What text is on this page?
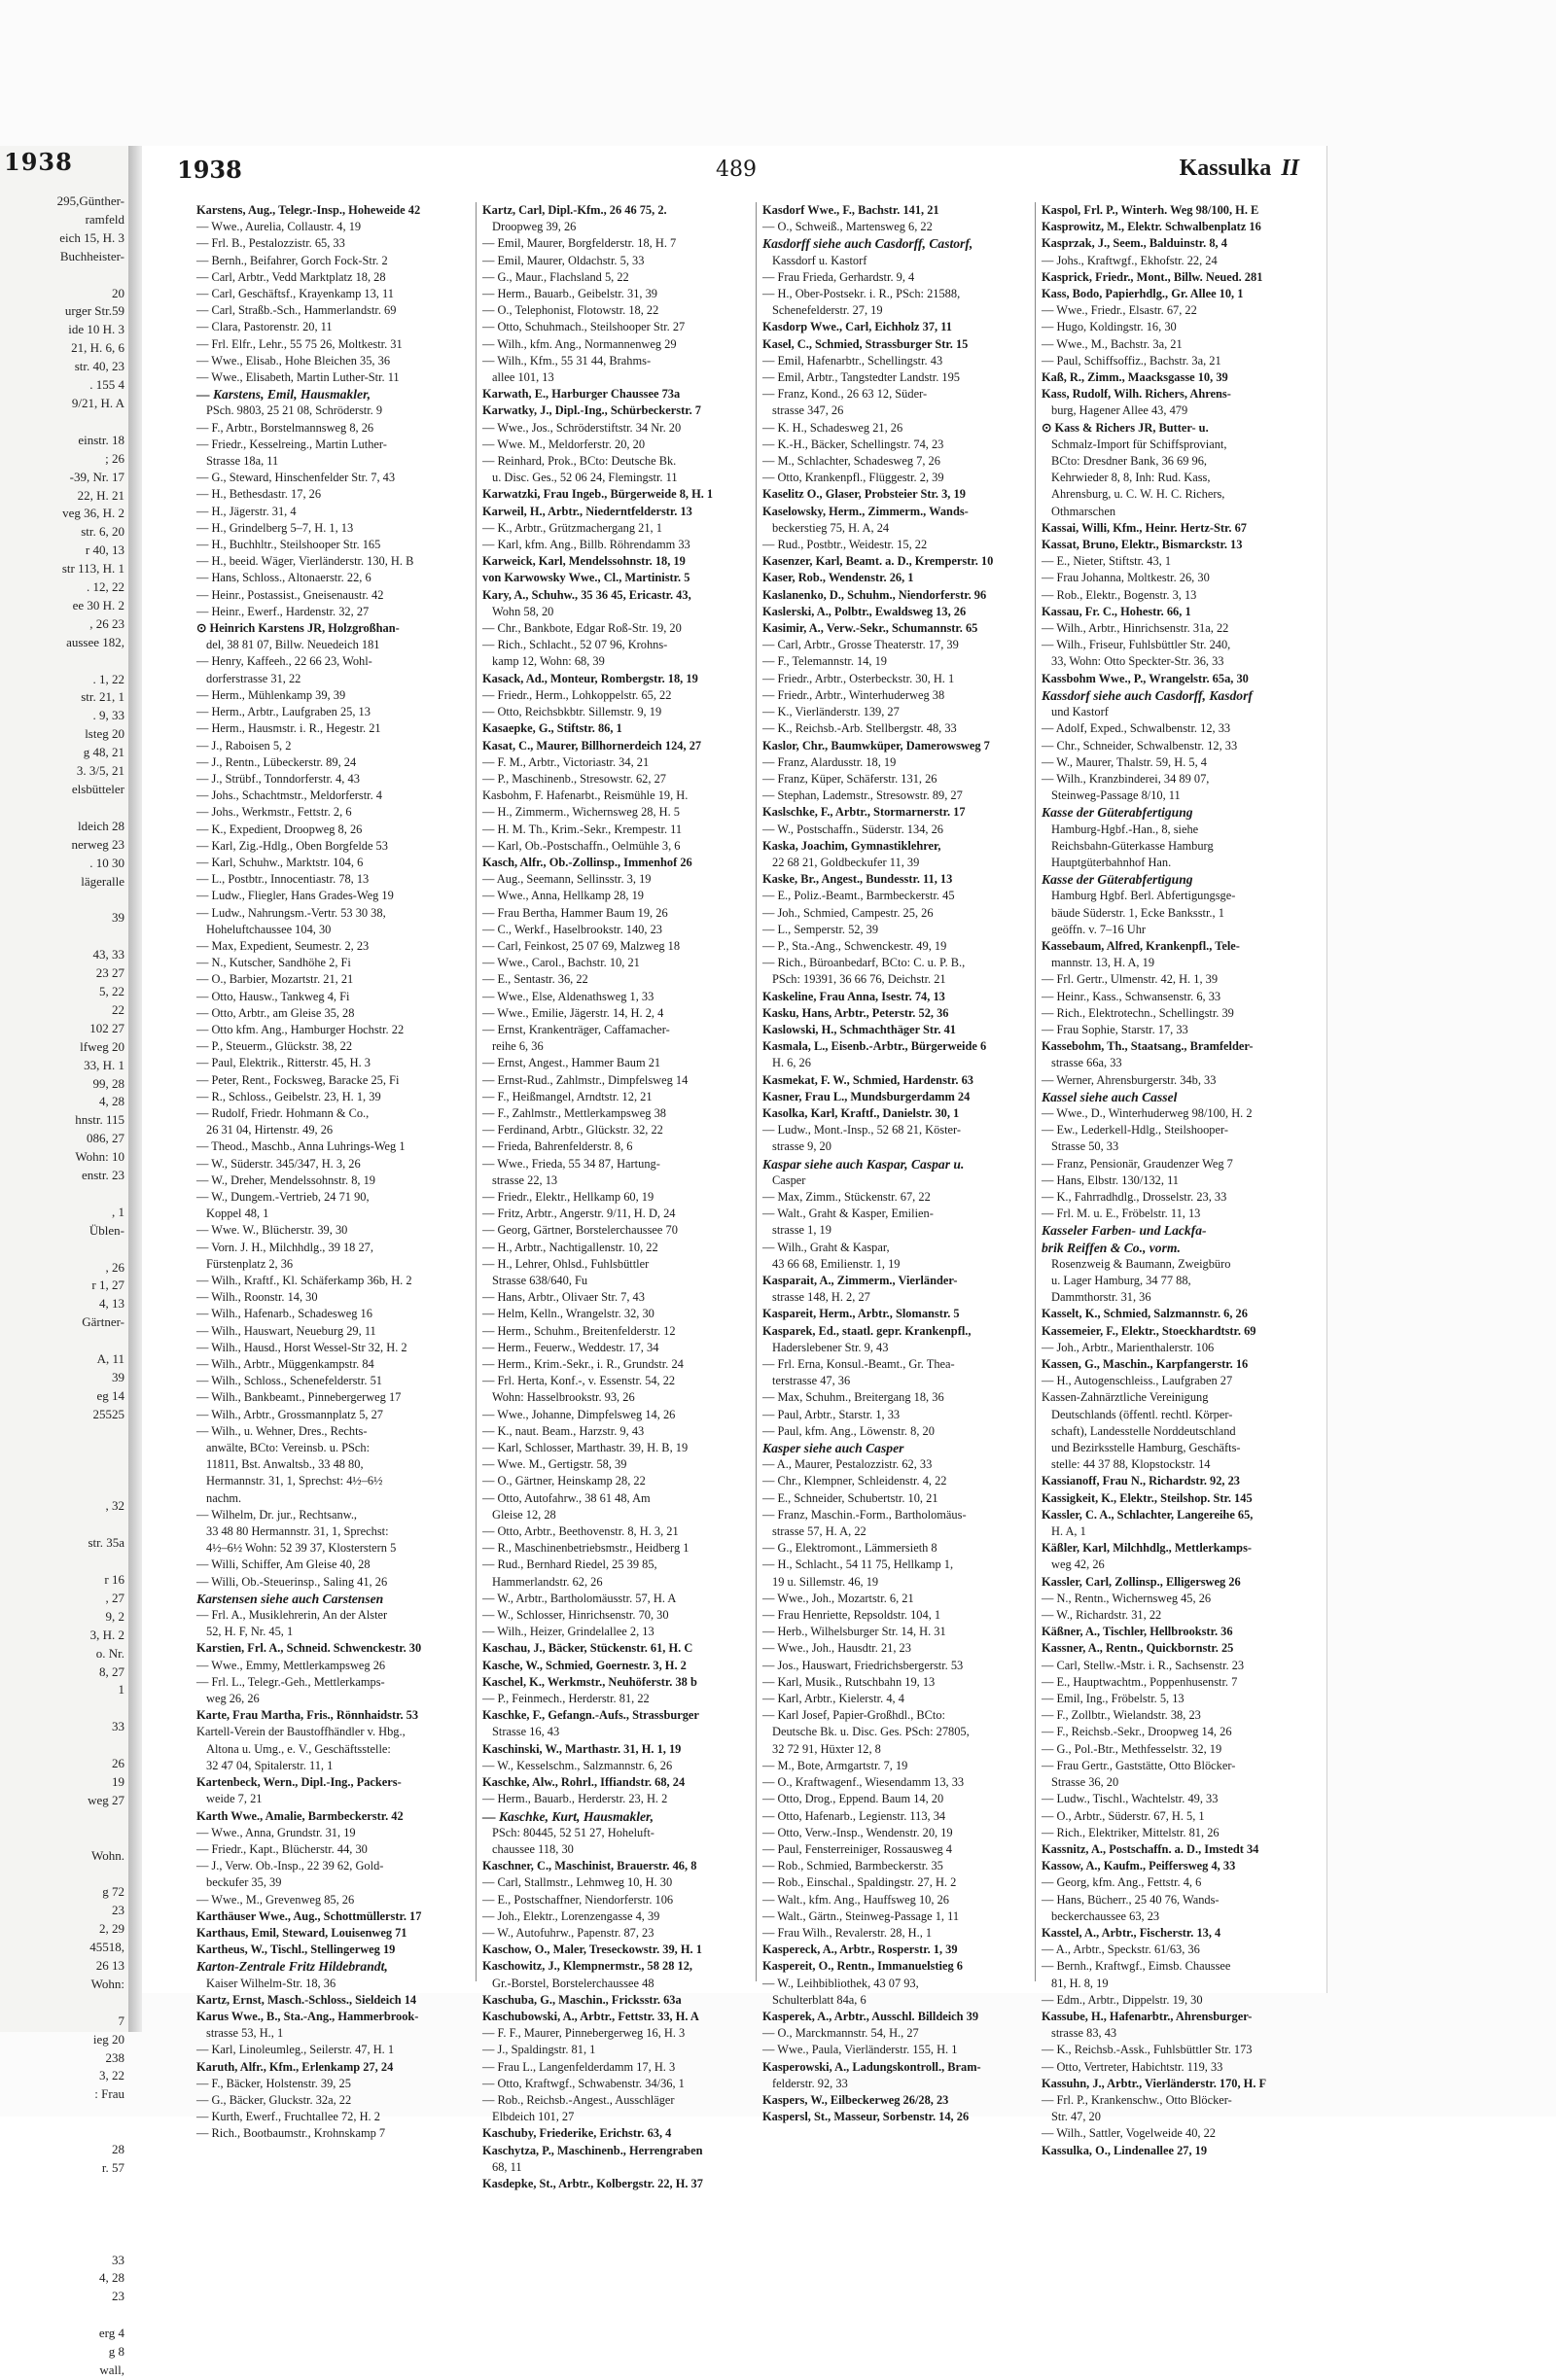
1938
295,Günther-
ramfeld
eich 15, H. 3
Buchheister-

20
urger Str.59
ide 10 H. 3
21, H. 6, 6
str. 40, 23
. 155 4
9/21, H. A

einstr. 18
; 26
-39, Nr. 17
22, H. 21
veg 36, H. 2
str. 6, 20
r 40, 13
str 113, H. 1
. 12, 22
ee 30 H. 2
, 26 23
aussee 182,

. 1, 22
str. 21, 1
. 9, 33
lsteg 20
g 48, 21
3. 3/5, 21
elsbütteler

ldeich 28
nerweg 23
. 10 30
lägeralle

39

43, 33
23 27
5, 22
22
102 27
lfweg 20
33, H. 1
99, 28
4, 28
hnstr. 115
086, 27
Wohn: 10
enstr. 23

, 1
Üblen-

, 26
r 1, 27
4, 13
Gärtner-

A, 11
39
eg 14
25525

, 32

str. 35a

r 16
, 27
9, 2
3, H. 2
o. Nr.
8, 27
1

33

26
19
weg 27

Wohn.

g 72
23
2, 29
45518,
26 13
Wohn:

7
ieg 20
238
3, 22
: Frau

28
r. 57

33
4, 28
23

erg 4
g 8
wall,
1938	489	Kassulka II
Karstens, Aug., Telegr.-Insp., Hoheweide 42
— Wwe., Aurelia, Collaustr. 4, 19
— Frl. B., Pestalozzistr. 65, 33
— Bernh., Beifahrer, Gorch Fock-Str. 2
— Carl, Arbtr., Vedd Marktplatz 18, 28
— Carl, Geschäftsf., Krayenkamp 13, 11
— Carl, Straßb.-Sch., Hammerlandstr. 69
— Clara, Pastorenstr. 20, 11
— Frl. Elfr., Lehr., 55 75 26, Moltkestr. 31
— Wwe., Elisab., Hohe Bleichen 35, 36
— Wwe., Elisabeth, Martin Luther-Str. 11
— Karstens, Emil, Hausmakler,
PSch. 9803, 25 21 08, Schröderstr. 9
— F., Arbtr., Borstelmannsweg 8, 26
— Friedr., Kesselreing., Martin Luther-
Strasse 18a, 11
— G., Steward, Hinschenfelder Str. 7, 43
— H., Bethesdastr. 17, 26
— H., Jägerstr. 31, 4
— H., Grindelberg 5–7, H. 1, 13
— H., Buchhltr., Steilshooper Str. 165
— H., beeid. Wäger, Vierländerstr. 130, H. B
— Hans, Schloss., Altonaerstr. 22, 6
— Heinr., Postassist., Gneisenaustr. 42
— Heinr., Ewerf., Hardenstr. 32, 27
⊙ Heinrich Karstens JR, Holzgroßhan-
del, 38 81 07, Billw. Neuedeich 181
— Henry, Kaffeeh., 22 66 23, Wohl-
dorferstrasse 31, 22
— Herm., Mühlenkamp 39, 39
— Herm., Arbtr., Laufgraben 25, 13
— Herm., Hausmstr. i. R., Hegestr. 21
— J., Raboisen 5, 2
— J., Rentn., Lübeckerstr. 89, 24
— J., Strübf., Tonndorferstr. 4, 43
— Johs., Schachtmstr., Meldorferstr. 4
— Johs., Werkmstr., Fettstr. 2, 6
— K., Expedient, Droopweg 8, 26
— Karl, Zig.-Hdlg., Oben Borgfelde 53
— Karl, Schuhw., Marktstr. 104, 6
— L., Postbtr., Innocentiastr. 78, 13
— Ludw., Fliegler, Hans Grades-Weg 19
— Ludw., Nahrungsm.-Vertr. 53 30 38,
Hoheluftchaussee 104, 30
— Max, Expedient, Seumestr. 2, 23
— N., Kutscher, Sandhöhe 2, Fi
— O., Barbier, Mozartstr. 21, 21
— Otto, Hausw., Tankweg 4, Fi
— Otto, Arbtr., am Gleise 35, 28
— Otto kfm. Ang., Hamburger Hochstr. 22
— P., Steuerm., Glückstr. 38, 22
— Paul, Elektrik., Ritterstr. 45, H. 3
— Peter, Rent., Focksweg, Baracke 25, Fi
— R., Schloss., Geibelstr. 23, H. 1, 39
— Rudolf, Friedr. Hohmann & Co.,
26 31 04, Hirtenstr. 49, 26
— Theod., Maschb., Anna Luhrings-Weg 1
— W., Süderstr. 345/347, H. 3, 26
— W., Dreher, Mendelssohnstr. 8, 19
— W., Dungem.-Vertrieb, 24 71 90,
Koppel 48, 1
— Wwe. W., Blücherstr. 39, 30
— Vorn. J. H., Milchhdlg., 39 18 27,
Fürstenplatz 2, 36
— Wilh., Kraftf., Kl. Schäferkamp 36b, H. 2
— Wilh., Roonstr. 14, 30
— Wilh., Hafenarb., Schadesweg 16
— Wilh., Hauswart, Neueburg 29, 11
— Wilh., Hausd., Horst Wessel-Str 32, H. 2
— Wilh., Arbtr., Müggenkampstr. 84
— Wilh., Schloss., Schenefelderstr. 51
— Wilh., Bankbeamt., Pinnebergerweg 17
— Wilh., Arbtr., Grossmannplatz 5, 27
— Wilh., u. Wehner, Dres., Rechts-
anwälte, BCto: Vereinsb. u. PSch:
11811, Bst. Anwaltsb., 33 48 80,
Hermannstr. 31, 1, Sprechst: 4½–6½
nachm.
— Wilhelm, Dr. jur., Rechtsanw.,
33 48 80 Hermannstr. 31, 1, Sprechst:
4½–6½ Wohn: 52 39 37, Klosterstern 5
— Willi, Schiffer, Am Gleise 40, 28
— Willi, Ob.-Steuerinsp., Saling 41, 26
Karstensen siehe auch Carstensen
— Frl. A., Musiklehrerin, An der Alster
52, H. F, Nr. 45, 1
Karstien, Frl. A., Schneid. Schwenckestr. 30
— Wwe., Emmy, Mettlerkampsweg 26
— Frl. L., Telegr.-Geh., Mettlerkamps-
weg 26, 26
Karte, Frau Martha, Fris., Rönnhaidstr. 53
Kartell-Verein der Baustoffhändler v. Hbg.,
Altona u. Umg., e. V., Geschäftsstelle:
32 47 04, Spitalerstr. 11, 1
Kartenbeck, Wern., Dipl.-Ing., Packers-
weide 7, 21
Karth Wwe., Amalie, Barmbeckerstr. 42
— Wwe., Anna, Grundstr. 31, 19
— Friedr., Kapt., Blücherstr. 44, 30
— J., Verw. Ob.-Insp., 22 39 62, Gold-
beckufer 35, 39
— Wwe., M., Grevenweg 85, 26
Karthäuser Wwe., Aug., Schottmüllerstr. 17
Karthaus, Emil, Steward, Louisenweg 71
Kartheus, W., Tischl., Stellingerweg 19
Karton-Zentrale Fritz Hildebrandt,
Kaiser Wilhelm-Str. 18, 36
Kartz, Ernst, Masch.-Schloss., Sieldeich 14
Karus Wwe., B., Sta.-Ang., Hammerbrook-
strasse 53, H., 1
— Karl, Linoleumleg., Seilerstr. 47, H. 1
Karuth, Alfr., Kfm., Erlenkamp 27, 24
— F., Bäcker, Holstenstr. 39, 25
— G., Bäcker, Gluckstr. 32a, 22
— Kurth, Ewerf., Fruchtallee 72, H. 2
— Rich., Bootbaumstr., Krohnskamp 7
Kartz, Carl, Dipl.-Kfm., 26 46 75, 2.
Droopweg 39, 26
— Emil, Maurer, Borgfelderstr. 18, H. 7
— Emil, Maurer, Oldachstr. 5, 33
— G., Maur., Flachsland 5, 22
— Herm., Bauarb., Geibelstr. 31, 39
— O., Telephonist, Flotowstr. 18, 22
— Otto, Schuhmach., Steilshooper Str. 27
— Wilh., kfm. Ang., Normannenweg 29
— Wilh., Kfm., 55 31 44, Brahms-
allee 101, 13
Karwath, E., Harburger Chaussee 73a
Karwatky, J., Dipl.-Ing., Schürbeckerstr. 7
— Wwe., Jos., Schröderstiftstr. 34 Nr. 20
— Wwe. M., Meldorferstr. 20, 20
— Reinhard, Prok., BCto: Deutsche Bk.
u. Disc. Ges., 52 06 24, Flemingstr. 11
Karwatzki, Frau Ingeb., Bürgerweide 8, H. 1
Karweil, H., Arbtr., Niederntfelderstr. 13
— K., Arbtr., Grützmachergang 21, 1
— Karl, kfm. Ang., Billb. Röhrendamm 33
Karweick, Karl, Mendelssohnstr. 18, 19
von Karwowsky Wwe., Cl., Martinistr. 5
Kary, A., Schuhw., 35 36 45, Ericastr. 43,
Wohn 58, 20
— Chr., Bankbote, Edgar Roß-Str. 19, 20
— Rich., Schlacht., 52 07 96, Krohns-
kamp 12, Wohn: 68, 39
Kasack, Ad., Monteur, Rombergstr. 18, 19
— Friedr., Herm., Lohkoppelstr. 65, 22
— Otto, Reichsbkbtr. Sillemstr. 9, 19
Kasaepke, G., Stiftstr. 86, 1
Kasat, C., Maurer, Billhornerdeich 124, 27
— F. M., Arbtr., Victoriastr. 34, 21
— P., Maschinenb., Stresowstr. 62, 27
Kasbohm, F. Hafenarbt., Reismühle 19, H.
— H., Zimmerm., Wichernsweg 28, H. 5
— H. M. Th., Krim.-Sekr., Krempestr. 11
— Karl, Ob.-Postschaffn., Oelmühle 3, 6
Kasch, Alfr., Ob.-Zollinsp., Immenhof 26
— Aug., Seemann, Sellinsstr. 3, 19
— Wwe., Anna, Hellkamp 28, 19
— Frau Bertha, Hammer Baum 19, 26
— C., Werkf., Haselbrookstr. 140, 23
— Carl, Feinkost, 25 07 69, Malzweg 18
— Wwe., Carol., Bachstr. 10, 21
— E., Sentastr. 36, 22
— Wwe., Else, Aldenathsweg 1, 33
— Wwe., Emilie, Jägerstr. 14, H. 2, 4
— Ernst, Krankenträger, Caffamacher-
reihe 6, 36
— Ernst, Angest., Hammer Baum 21
— Ernst-Rud., Zahlmstr., Dimpfelsweg 14
— F., Heißmangel, Arndtstr. 12, 21
— F., Zahlmstr., Mettlerkampsweg 38
— Ferdinand, Arbtr., Glückstr. 32, 22
— Frieda, Bahrenfelderstr. 8, 6
— Wwe., Frieda, 55 34 87, Hartung-
strasse 22, 13
— Friedr., Elektr., Hellkamp 60, 19
— Fritz, Arbtr., Angerstr. 9/11, H. D, 24
— Georg, Gärtner, Borstelerchaussee 70
— H., Arbtr., Nachtigallenstr. 10, 22
— H., Lehrer, Ohlsd., Fuhlsbüttler
Strasse 638/640, Fu
— Hans, Arbtr., Olivaer Str. 7, 43
— Helm, Kelln., Wrangelstr. 32, 30
— Herm., Schuhm., Breitenfelderstr. 12
— Herm., Feuerw., Weddestr. 17, 34
— Herm., Krim.-Sekr., i. R., Grundstr. 24
— Frl. Herta, Konf.-, v. Essenstr. 54, 22
Wohn: Hasselbrookstr. 93, 26
— Wwe., Johanne, Dimpfelsweg 14, 26
— K., naut. Beam., Harzstr. 9, 43
— Karl, Schlosser, Marthastr. 39, H. B, 19
— Wwe. M., Gertigstr. 58, 39
— O., Gärtner, Heinskamp 28, 22
— Otto, Autofahrw., 38 61 48, Am
Gleise 12, 28
— Otto, Arbtr., Beethovenstr. 8, H. 3, 21
— R., Maschinenbetriebsmstr., Heidberg 1
— Rud., Bernhard Riedel, 25 39 85,
Hammerlandstr. 62, 26
— W., Arbtr., Bartholomäusstr. 57, H. A
— W., Schlosser, Hinrichsenstr. 70, 30
— Wilh., Heizer, Grindelallee 2, 13
Kaschau, J., Bäcker, Stückenstr. 61, H. C
Kasche, W., Schmied, Goernestr. 3, H. 2
Kaschel, K., Werkmstr., Neuhöferstr. 38 b
— P., Feinmech., Herderstr. 81, 22
Kaschke, F., Gefangn.-Aufs., Strassburger
Strasse 16, 43
Kaschinski, W., Marthastr. 31, H. 1, 19
— W., Kesselschm., Salzmannstr. 6, 26
Kaschke, Alw., Rohrl., Iffiandstr. 68, 24
— Herm., Bauarb., Herderstr. 23, H. 2
— Kaschke, Kurt, Hausmakler,
PSch: 80445, 52 51 27, Hoheluft-
chaussee 118, 30
Kaschner, C., Maschinist, Brauerstr. 46, 8
— Carl, Stallmstr., Lehmweg 10, H. 30
— E., Postschaffner, Niendorferstr. 106
— Joh., Elektr., Lorenzengasse 4, 39
— W., Autofuhrw., Papenstr. 87, 23
Kaschow, O., Maler, Treseckowstr. 39, H. 1
Kaschowitz, J., Klempnermstr., 58 28 12,
Gr.-Borstel, Borstelerchaussee 48
Kaschuba, G., Maschin., Fricksstr. 63a
Kaschubowski, A., Arbtr., Fettstr. 33, H. A
— F. F., Maurer, Pinnebergerweg 16, H. 3
— J., Spaldingstr. 81, 1
— Frau L., Langenfelderdamm 17, H. 3
— Otto, Kraftwgf., Schwabenstr. 34/36, 1
— Rob., Reichsb.-Angest., Ausschläger
Elbdeich 101, 27
Kaschuby, Friederike, Erichstr. 63, 4
Kaschytza, P., Maschinenb., Herrengraben
68, 11
Kasdepke, St., Arbtr., Kolbergstr. 22, H. 37
Kasdorf Wwe., F., Bachstr. 141, 21
— O., Schweiß., Martensweg 6, 22
Kasdorff siehe auch Casdorff, Castorf,
Kassdorf u. Kastorf
— Frau Frieda, Gerhardstr. 9, 4
— H., Ober-Postsekr. i. R., PSch: 21588,
Schenefelderstr. 27, 19
Kasdorp Wwe., Carl, Eichholz 37, 11
Kasel, C., Schmied, Strassburger Str. 15
— Emil, Hafenarbtr., Schellingstr. 43
— Emil, Arbtr., Tangstedter Landstr. 195
— Franz, Kond., 26 63 12, Süder-
strasse 347, 26
— K. H., Schadesweg 21, 26
— K.-H., Bäcker, Schellingstr. 74, 23
— M., Schlachter, Schadesweg 7, 26
— Otto, Krankenpfl., Flüggestr. 2, 39
Kaselitz O., Glaser, Probsteier Str. 3, 19
Kaselowsky, Herm., Zimmerm., Wands-
beckerstieg 75, H. A, 24
— Rud., Postbtr., Weidestr. 15, 22
Kasenzer, Karl, Beamt. a. D., Kremperstr. 10
Kaser, Rob., Wendenstr. 26, 1
Kaslanenko, D., Schuhm., Niendorferstr. 96
Kaslerski, A., Polbtr., Ewaldsweg 13, 26
Kasimir, A., Verw.-Sekr., Schumannstr. 65
— Carl, Arbtr., Grosse Theaterstr. 17, 39
— F., Telemannstr. 14, 19
— Friedr., Arbtr., Osterbeckstr. 30, H. 1
— Friedr., Arbtr., Winterhuderweg 38
— K., Vierländerstr. 139, 27
— K., Reichsb.-Arb. Stellbergstr. 48, 33
Kaslor, Chr., Baumwküper, Damerowsweg 7
— Franz, Alardusstr. 18, 19
— Franz, Küper, Schäferstr. 131, 26
— Stephan, Lademstr., Stresowstr. 89, 27
Kaslschke, F., Arbtr., Stormarnerstr. 17
— W., Postschaffn., Süderstr. 134, 26
Kaska, Joachim, Gymnastiklehrer,
22 68 21, Goldbeckufer 11, 39
Kaske, Br., Angest., Bundesstr. 11, 13
— E., Poliz.-Beamt., Barmbeckerstr. 45
— Joh., Schmied, Campestr. 25, 26
— L., Semperstr. 52, 39
— P., Sta.-Ang., Schwenckestr. 49, 19
— Rich., Büroanbedarf, BCto: C. u. P. B.,
PSch: 19391, 36 66 76, Deichstr. 21
Kaskeline, Frau Anna, Isestr. 74, 13
Kasku, Hans, Arbtr., Peterstr. 52, 36
Kaslowski, H., Schmachthäger Str. 41
Kasmala, L., Eisenb.-Arbtr., Bürgerweide 6
H. 6, 26
Kasmekat, F. W., Schmied, Hardenstr. 63
Kasner, Frau L., Mundsburgerdamm 24
Kasolka, Karl, Kraftf., Danielstr. 30, 1
— Ludw., Mont.-Insp., 52 68 21, Köster-
strasse 9, 20
Kaspar siehe auch Kaspar, Caspar u.
Casper
— Max, Zimm., Stückenstr. 67, 22
— Walt., Graht & Kasper, Emilien-
strasse 1, 19
— Wilh., Graht & Kaspar,
43 66 68, Emilienstr. 1, 19
Kasparait, A., Zimmerm., Vierländer-
strasse 148, H. 2, 27
Kaspareit, Herm., Arbtr., Slomanstr. 5
Kasparek, Ed., staatl. gepr. Krankenpfl.,
Haderslebener Str. 9, 43
— Frl. Erna, Konsul.-Beamt., Gr. Thea-
terstrasse 47, 36
— Max, Schuhm., Breitergang 18, 36
— Paul, Arbtr., Starstr. 1, 33
— Paul, kfm. Ang., Löwenstr. 8, 20
Kasper siehe auch Casper
— A., Maurer, Pestalozzistr. 62, 33
— Chr., Klempner, Schleidenstr. 4, 22
— E., Schneider, Schubertstr. 10, 21
— Franz, Maschin.-Form., Bartholomäus-
strasse 57, H. A, 22
— G., Elektromont., Lämmersieth 8
— H., Schlacht., 54 11 75, Hellkamp 1,
19 u. Sillemstr. 46, 19
— Wwe., Joh., Mozartstr. 6, 21
— Frau Henriette, Repsoldstr. 104, 1
— Herb., Wilhelsburger Str. 14, H. 31
— Wwe., Joh., Hausdtr. 21, 23
— Jos., Hauswart, Friedrichsbergerstr. 53
— Karl, Musik., Rutschbahn 19, 13
— Karl, Arbtr., Kielerstr. 4, 4
— Karl Josef, Papier-Großhdl., BCto:
Deutsche Bk. u. Disc. Ges. PSch: 27805,
32 72 91, Hüxter 12, 8
— M., Bote, Armgartstr. 7, 19
— O., Kraftwagenf., Wiesendamm 13, 33
— Otto, Drog., Eppend. Baum 14, 20
— Otto, Hafenarb., Legienstr. 113, 34
— Otto, Verw.-Insp., Wendenstr. 20, 19
— Paul, Fensterreiniger, Rossausweg 4
— Rob., Schmied, Barmbeckerstr. 35
— Rob., Einschal., Spaldingstr. 27, H. 2
— Walt., kfm. Ang., Hauffsweg 10, 26
— Walt., Gärtn., Steinweg-Passage 1, 11
— Frau Wilh., Revalerstr. 28, H., 1
Kaspereck, A., Arbtr., Rosperstr. 1, 39
Kaspereit, O., Rentn., Immanuelstieg 6
— W., Leihbibliothek, 43 07 93,
Schulterblatt 84a, 6
Kasperek, A., Arbtr., Ausschl. Billdeich 39
— O., Marckmannstr. 54, H., 27
— Wwe., Paula, Vierländerstr. 155, H. 1
Kasperowski, A., Ladungskontroll., Bram-
felderstr. 92, 33
Kaspers, W., Eilbeckerweg 26/28, 23
Kaspersl, St., Masseur, Sorbenstr. 14, 26
Kaspol, Frl. P., Winterh. Weg 98/100, H. E
Kasprowitz, M., Elektr. Schwalbenplatz 16
Kasprzak, J., Seem., Balduinstr. 8, 4
— Johs., Kraftwgf., Ekhofstr. 22, 24
Kasprick, Friedr., Mont., Billw. Neued. 281
Kass, Bodo, Papierhdlg., Gr. Allee 10, 1
— Wwe., Friedr., Elsastr. 67, 22
— Hugo, Koldingstr. 16, 30
— Wwe., M., Bachstr. 3a, 21
— Paul, Schiffsoffiz., Bachstr. 3a, 21
Kaß, R., Zimm., Maacksgasse 10, 39
Kass, Rudolf, Wilh. Richers, Ahrens-
burg, Hagener Allee 43, 479
⊙ Kass & Richers JR, Butter- u.
Schmalz-Import für Schiffsproviant,
BCto: Dresdner Bank, 36 69 96,
Kehrwieder 8, 8, Inh: Rud. Kass,
Ahrensburg, u. C. W. H. C. Richers,
Othmarschen
Kassai, Willi, Kfm., Heinr. Hertz-Str. 67
Kassat, Bruno, Elektr., Bismarckstr. 13
— E., Nieter, Stiftstr. 43, 1
— Frau Johanna, Moltkestr. 26, 30
— Rob., Elektr., Bogenstr. 3, 13
Kassau, Fr. C., Hohestr. 66, 1
— Wilh., Arbtr., Hinrichsenstr. 31a, 22
— Wilh., Friseur, Fuhlsbüttler Str. 240,
33, Wohn: Otto Speckter-Str. 36, 33
Kassbohm Wwe., P., Wrangelstr. 65a, 30
Kassdorf siehe auch Casdorff, Kasdorf
und Kastorf
— Adolf, Exped., Schwalbenstr. 12, 33
— Chr., Schneider, Schwalbenstr. 12, 33
— W., Maurer, Thalstr. 59, H. 5, 4
— Wilh., Kranzbinderei, 34 89 07,
Steinweg-Passage 8/10, 11
Kasse der Güterabfertigung
Hamburg-Hgbf.-Han., 8, siehe
Reichsbahn-Güterkasse Hamburg
Hauptgüterbahnhof Han.
Kasse der Güterabfertigung
Hamburg Hgbf. Berl. Abfertigungsge-
bäude Süderstr. 1, Ecke Banksstr., 1
geöffn. v. 7–16 Uhr
Kassebaum, Alfred, Krankenpfl., Tele-
mannstr. 13, H. A, 19
— Frl. Gertr., Ulmenstr. 42, H. 1, 39
— Heinr., Kass., Schwansenstr. 6, 33
— Rich., Elektrotechn., Schellingstr. 39
— Frau Sophie, Starstr. 17, 33
Kassebohm, Th., Staatsang., Bramfelder-
strasse 66a, 33
— Werner, Ahrensburgerstr. 34b, 33
Kassel siehe auch Cassel
— Wwe., D., Winterhuderweg 98/100, H. 2
— Ew., Lederkell-Hdlg., Steilshooper-
Strasse 50, 33
— Franz, Pensionär, Graudenzer Weg 7
— Hans, Elbstr. 130/132, 11
— K., Fahrradhdlg., Drosselstr. 23, 33
— Frl. M. u. E., Fröbelstr. 11, 13
Kasseler Farben- und Lackfa-
brik Reiffen & Co., vorm.
Rosenzweig & Baumann, Zweigbüro
u. Lager Hamburg, 34 77 88,
Dammthorstr. 31, 36
Kasselt, K., Schmied, Salzmannstr. 6, 26
Kassemeier, F., Elektr., Stoeckhardtstr. 69
— Joh., Arbtr., Marienthalerstr. 106
Kassen, G., Maschin., Karpfangerstr. 16
— H., Autogenschleiss., Laufgraben 27
Kassen-Zahnärztliche Vereinigung
Deutschlands (öffentl. rechtl. Körper-
schaft), Landesstelle Norddeutschland
und Bezirksstelle Hamburg, Geschäfts-
stelle: 44 37 88, Klopstockstr. 14
Kassianoff, Frau N., Richardstr. 92, 23
Kassigkeit, K., Elektr., Steilshop. Str. 145
Kassler, C. A., Schlachter, Langereihe 65,
H. A, 1
Käßler, Karl, Milchhdlg., Mettlerkamps-
weg 42, 26
Kassler, Carl, Zollinsp., Elligersweg 26
— N., Rentn., Wichernsweg 45, 26
— W., Richardstr. 31, 22
Käßner, A., Tischler, Hellbrookstr. 36
Kassner, A., Rentn., Quickbornstr. 25
— Carl, Stellw.-Mstr. i. R., Sachsenstr. 23
— E., Hauptwachtm., Poppenhusenstr. 7
— Emil, Ing., Fröbelstr. 5, 13
— F., Zollbtr., Wielandstr. 38, 23
— F., Reichsb.-Sekr., Droopweg 14, 26
— G., Pol.-Btr., Methfesselstr. 32, 19
— Frau Gertr., Gaststätte, Otto Blöcker-
Strasse 36, 20
— Ludw., Tischl., Wachtelstr. 49, 33
— O., Arbtr., Süderstr. 67, H. 5, 1
— Rich., Elektriker, Mittelstr. 81, 26
Kassnitz, A., Postschaffn. a. D., Imstedt 34
Kassow, A., Kaufm., Peiffersweg 4, 33
— Georg, kfm. Ang., Fettstr. 4, 6
— Hans, Bücherr., 25 40 76, Wands-
beckerchaussee 63, 23
Kasstel, A., Arbtr., Fischerstr. 13, 4
— A., Arbtr., Speckstr. 61/63, 36
— Bernh., Kraftwgf., Eimsb. Chaussee
81, H. 8, 19
— Edm., Arbtr., Dippelstr. 19, 30
Kassube, H., Hafenarbtr., Ahrensburger-
strasse 83, 43
— K., Reichsb.-Assk., Fuhlsbüttler Str. 173
— Otto, Vertreter, Habichtstr. 119, 33
Kassuhn, J., Arbtr., Vierländerstr. 170, H. F
— Frl. P., Krankenschw., Otto Blöcker-
Str. 47, 20
— Wilh., Sattler, Vogelweide 40, 22
Kassulka, O., Lindenallee 27, 19
